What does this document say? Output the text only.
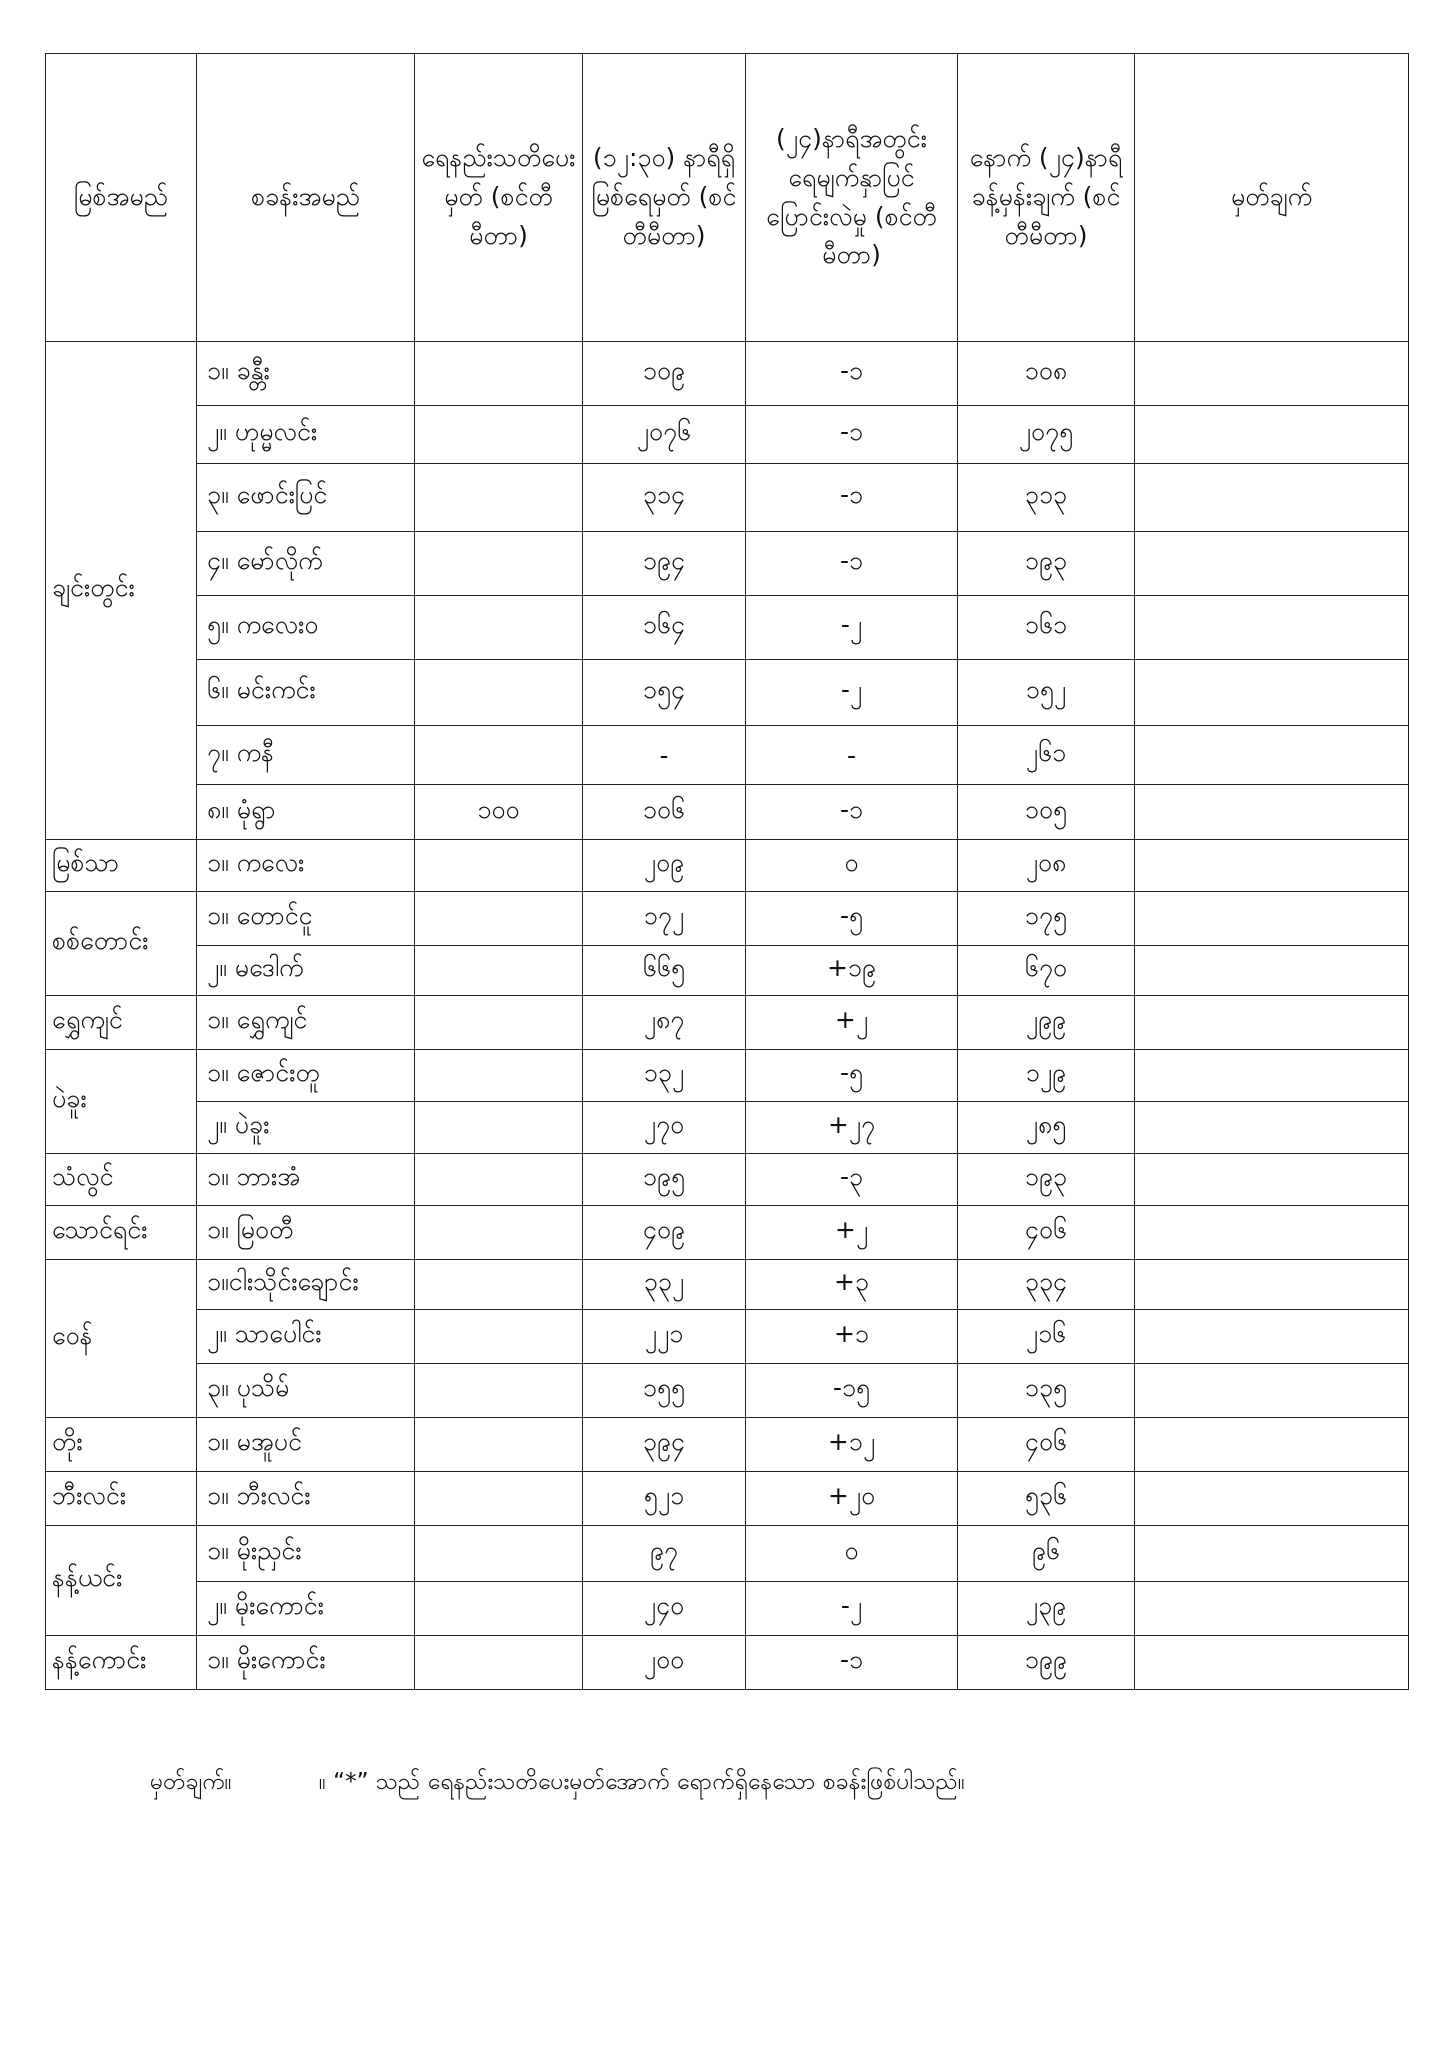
မြစ်အမည်	စခန်းအမည်	ရေနည်းသတိပေးမှတ် (စင်တီမီတာ)	(၁၂:၃၀) နာရီရှိ မြစ်ရေမှတ် (စင်တီမီတာ)	(၂၄)နာရီအတွင်း ရေမျက်နှာပြင် ပြောင်းလဲမှု (စင်တီမီတာ)	နောက် (၂၄)နာရီ ခန့်မှန်းချက် (စင်တီမီတာ)	မှတ်ချက်
ချင်းတွင်း	၁။ ခန္တီး		၁၀၉	-၁	၁၀၈	
	၂။ ဟုမ္မလင်း		၂၀၇၆	-၁	၂၀၇၅	
	၃။ ဖောင်းပြင်		၃၁၄	-၁	၃၁၃	
	၄။ မော်လိုက်		၁၉၄	-၁	၁၉၃	
	၅။ ကလေးဝ		၁၆၄	-၂	၁၆၁	
	၆။ မင်းကင်း		၁၅၄	-၂	၁၅၂	
	၇။ ကနီ		-	-	၂၆၁	
	၈။ မုံရွာ	၁၀၀	၁၀၆	-၁	၁၀၅	
မြစ်သာ	၁။ ကလေး		၂၀၉	၀	၂၀၈	
စစ်တောင်း	၁။ တောင်ငူ		၁၇၂	-၅	၁၇၅	
	၂။ မဒေါက်		၆၆၅	+၁၉	၆၇၀	
ရွှေကျင်	၁။ ရွှေကျင်		၂၈၇	+၂	၂၉၉	
ပဲခူး	၁။ ဇောင်းတူ		၁၃၂	-၅	၁၂၉	
	၂။ ပဲခူး		၂၇၀	+၂၇	၂၈၅	
သံလွင်	၁။ ဘားအံ		၁၉၅	-၃	၁၉၃	
သောင်ရင်း	၁။ မြဝတီ		၄၀၉	+၂	၄၀၆	
ဝေန်	၁။ငါးသိုင်းချောင်း		၃၃၂	+၃	၃၃၄	
	၂။ သာပေါင်း		၂၂၁	+၁	၂၁၆	
	၃။ ပုသိမ်		၁၅၅	-၁၅	၁၃၅	
တိုး	၁။ မအူပင်		၃၉၄	+၁၂	၄၀၆	
ဘီးလင်း	၁။ ဘီးလင်း		၅၂၁	+၂၀	၅၃၆	
နန့်ယင်း	၁။ မိုးညှင်း		၉၇	၀	၉၆	
	၂။ မိုးကောင်း		၂၄၀	-၂	၂၃၉	
နန့်ကောင်း	၁။ မိုးကောင်း		၂၀၀	-၁	၁၉၉	
မှတ်ချက်။	။ “*” သည် ရေနည်းသတိပေးမှတ်အောက် ရောက်ရှိနေသော စခန်းဖြစ်ပါသည်။
